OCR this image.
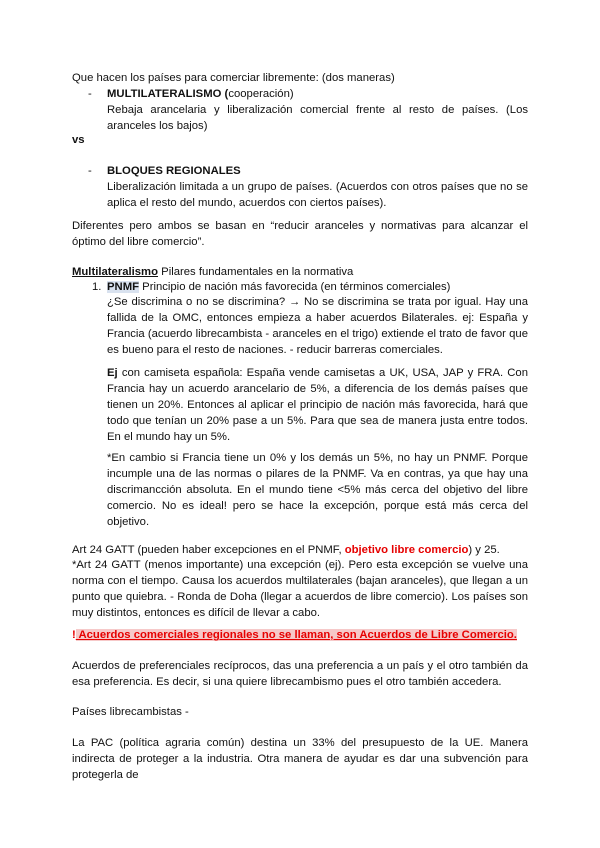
Que hacen los países para comerciar libremente: (dos maneras)

- MULTILATERALISMO (cooperación)

Rebaja arancelaria y liberalización comercial frente al resto de países. (Los aranceles los bajos)

vs

- BLOQUES REGIONALES

Liberalización limitada a un grupo de países. (Acuerdos con otros países que no se aplica el resto del mundo, acuerdos con ciertos países).

Diferentes pero ambos se basan en “reducir aranceles y normativas para alcanzar el óptimo del libre comercio”.

Multilateralismo Pilares fundamentales en la normativa

1. PNMF Principio de nación más favorecida (en términos comerciales)

¿Se discrimina o no se discrimina? → No se discrimina se trata por igual. Hay una fallida de la OMC, entonces empieza a haber acuerdos Bilaterales. ej: España y Francia (acuerdo librecambista - aranceles en el trigo) extiende el trato de favor que es bueno para el resto de naciones. - reducir barreras comerciales.

Ej con camiseta española: España vende camisetas a UK, USA, JAP y FRA. Con Francia hay un acuerdo arancelario de 5%, a diferencia de los demás países que tienen un 20%. Entonces al aplicar el principio de nación más favorecida, hará que todo que tenían un 20% pase a un 5%. Para que sea de manera justa entre todos. En el mundo hay un 5%.

*En cambio si Francia tiene un 0% y los demás un 5%, no hay un PNMF. Porque incumple una de las normas o pilares de la PNMF. Va en contras, ya que hay una discrimancción absoluta. En el mundo tiene <5% más cerca del objetivo del libre comercio. No es ideal! pero se hace la excepción, porque está más cerca del objetivo.

Art 24 GATT (pueden haber excepciones en el PNMF, objetivo libre comercio) y 25.

*Art 24 GATT (menos importante) una excepción (ej). Pero esta excepción se vuelve una norma con el tiempo. Causa los acuerdos multilaterales (bajan aranceles), que llegan a un punto que quiebra. - Ronda de Doha (llegar a acuerdos de libre comercio). Los países son muy distintos, entonces es difícil de llevar a cabo.

! Acuerdos comerciales regionales no se llaman, son Acuerdos de Libre Comercio.

Acuerdos de preferenciales recíprocos, das una preferencia a un país y el otro también da esa preferencia. Es decir, si una quiere librecambismo pues el otro también accedera.

Países librecambistas -

La PAC (política agraria común) destina un 33% del presupuesto de la UE. Manera indirecta de proteger a la industria. Otra manera de ayudar es dar una subvención para protegerla de
